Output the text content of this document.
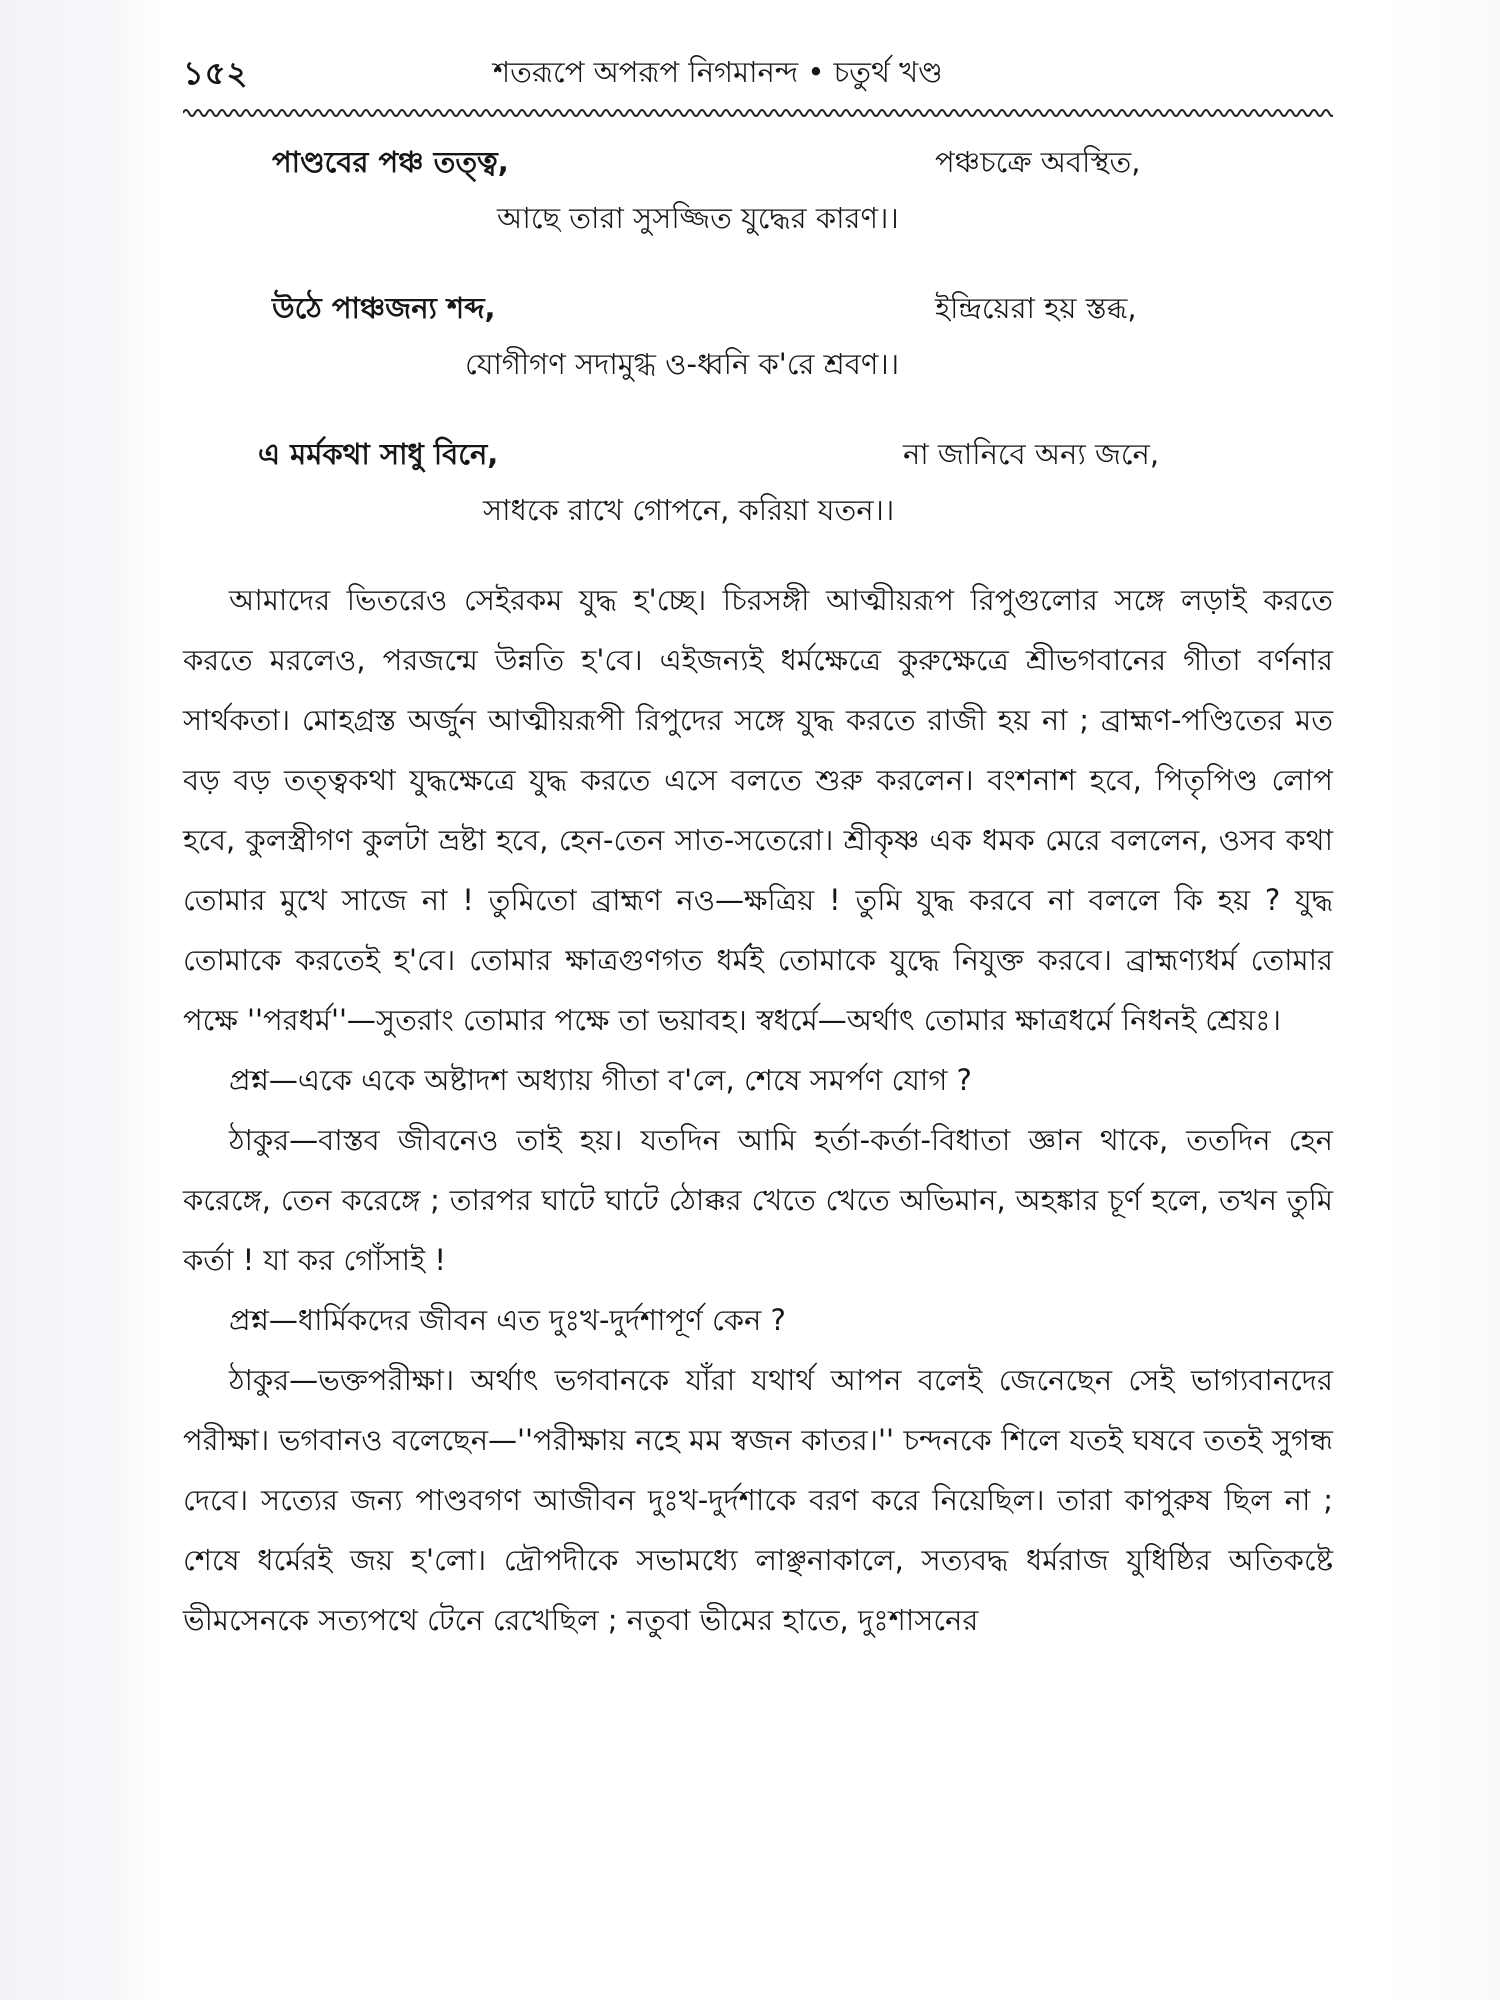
১৫২	শতরূপে অপরূপ নিগমানন্দ • চতুর্থ খণ্ড
পাণ্ডবের পঞ্চ তত্ত্ব,	পঞ্চচক্রে অবস্থিত,
আছে তারা সুসজ্জিত যুদ্ধের কারণ।।
উঠে পাঞ্চজন্য শব্দ,	ইন্দ্রিয়েরা হয় স্তব্ধ,
যোগীগণ সদামুগ্ধ ও-ধ্বনি ক'রে শ্রবণ।।
এ মর্মকথা সাধু বিনে,	না জানিবে অন্য জনে,
সাধকে রাখে গোপনে, করিয়া যতন।।

আমাদের ভিতরেও সেইরকম যুদ্ধ হ'চ্ছে। চিরসঙ্গী আত্মীয়রূপ রিপুগুলোর সঙ্গে লড়াই করতে করতে মরলেও, পরজন্মে উন্নতি হ'বে। এইজন্যই ধর্মক্ষেত্রে কুরুক্ষেত্রে শ্রীভগবানের গীতা বর্ণনার সার্থকতা। মোহগ্রস্ত অর্জুন আত্মীয়রূপী রিপুদের সঙ্গে যুদ্ধ করতে রাজী হয় না ; ব্রাহ্মণ-পণ্ডিতের মত বড় বড় তত্ত্বকথা যুদ্ধক্ষেত্রে যুদ্ধ করতে এসে বলতে শুরু করলেন। বংশনাশ হবে, পিতৃপিণ্ড লোপ হবে, কুলস্ত্রীগণ কুলটা ভ্রষ্টা হবে, হেন-তেন সাত-সতেরো। শ্রীকৃষ্ণ এক ধমক মেরে বললেন, ওসব কথা তোমার মুখে সাজে না ! তুমিতো ব্রাহ্মণ নও—ক্ষত্রিয় ! তুমি যুদ্ধ করবে না বললে কি হয় ? যুদ্ধ তোমাকে করতেই হ'বে। তোমার ক্ষাত্রগুণগত ধর্মই তোমাকে যুদ্ধে নিযুক্ত করবে। ব্রাহ্মণ্যধর্ম তোমার পক্ষে ''পরধর্ম''—সুতরাং তোমার পক্ষে তা ভয়াবহ। স্বধর্মে—অর্থাৎ তোমার ক্ষাত্রধর্মে নিধনই শ্রেয়ঃ।

প্রশ্ন—একে একে অষ্টাদশ অধ্যায় গীতা ব'লে, শেষে সমর্পণ যোগ ?

ঠাকুর—বাস্তব জীবনেও তাই হয়। যতদিন আমি হর্তা-কর্তা-বিধাতা জ্ঞান থাকে, ততদিন হেন করেঙ্গে, তেন করেঙ্গে ; তারপর ঘাটে ঘাটে ঠোক্কর খেতে খেতে অভিমান, অহঙ্কার চূর্ণ হলে, তখন তুমি কর্তা ! যা কর গোঁসাই !

প্রশ্ন—ধার্মিকদের জীবন এত দুঃখ-দুর্দশাপূর্ণ কেন ?

ঠাকুর—ভক্তপরীক্ষা। অর্থাৎ ভগবানকে যাঁরা যথার্থ আপন বলেই জেনেছেন সেই ভাগ্যবানদের পরীক্ষা। ভগবানও বলেছেন—''পরীক্ষায় নহে মম স্বজন কাতর।'' চন্দনকে শিলে যতই ঘষবে ততই সুগন্ধ দেবে। সত্যের জন্য পাণ্ডবগণ আজীবন দুঃখ-দুর্দশাকে বরণ করে নিয়েছিল। তারা কাপুরুষ ছিল না ; শেষে ধর্মেরই জয় হ'লো। দ্রৌপদীকে সভামধ্যে লাঞ্ছনাকালে, সত্যবদ্ধ ধর্মরাজ যুধিষ্ঠির অতিকষ্টে ভীমসেনকে সত্যপথে টেনে রেখেছিল ; নতুবা ভীমের হাতে, দুঃশাসনের
